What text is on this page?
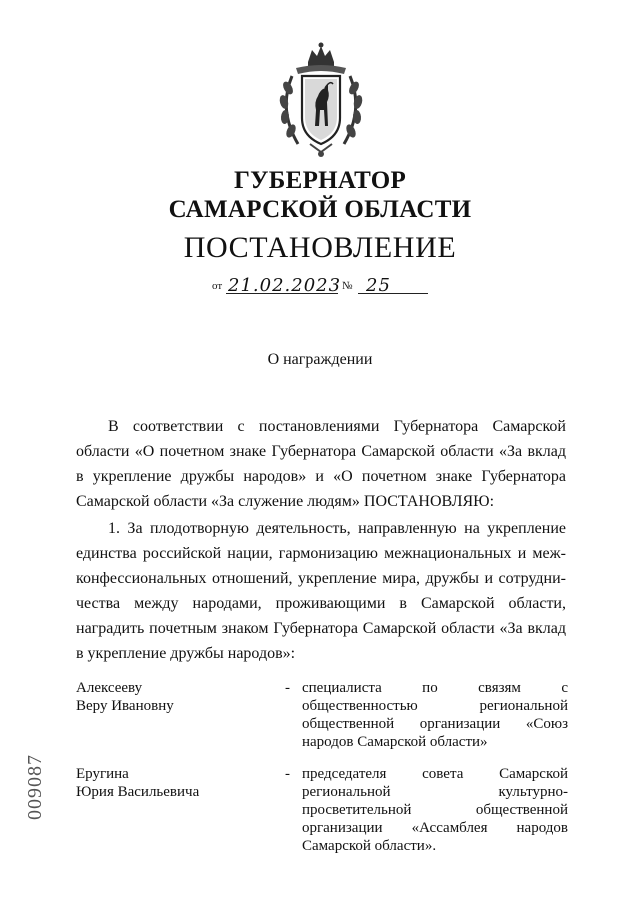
ГУБЕРНАТОР
САМАРСКОЙ ОБЛАСТИ
ПОСТАНОВЛЕНИЕ
от 21.02.2023 № 25
О награждении

В соответствии с постановлениями Губернатора Самарской области «О почетном знаке Губернатора Самарской области «За вклад в укрепление дружбы народов» и «О почетном знаке Губернатора Самарской области «За служение людям» ПОСТАНОВЛЯЮ:

1. За плодотворную деятельность, направленную на укрепление единства российской нации, гармонизацию межнациональных и меж-конфессиональных отношений, укрепление мира, дружбы и сотрудни-чества между народами, проживающими в Самарской области, наградить почетным знаком Губернатора Самарской области «За вклад в укрепление дружбы народов»:

Алексееву
Веру Ивановну
- специалиста по связям с общественностью региональной общественной организации «Союз народов Самарской области»
Еругина
Юрия Васильевича
- председателя совета Самарской региональной культурно-просветительной общественной организации «Ассамблея народов Самарской области».
009087
